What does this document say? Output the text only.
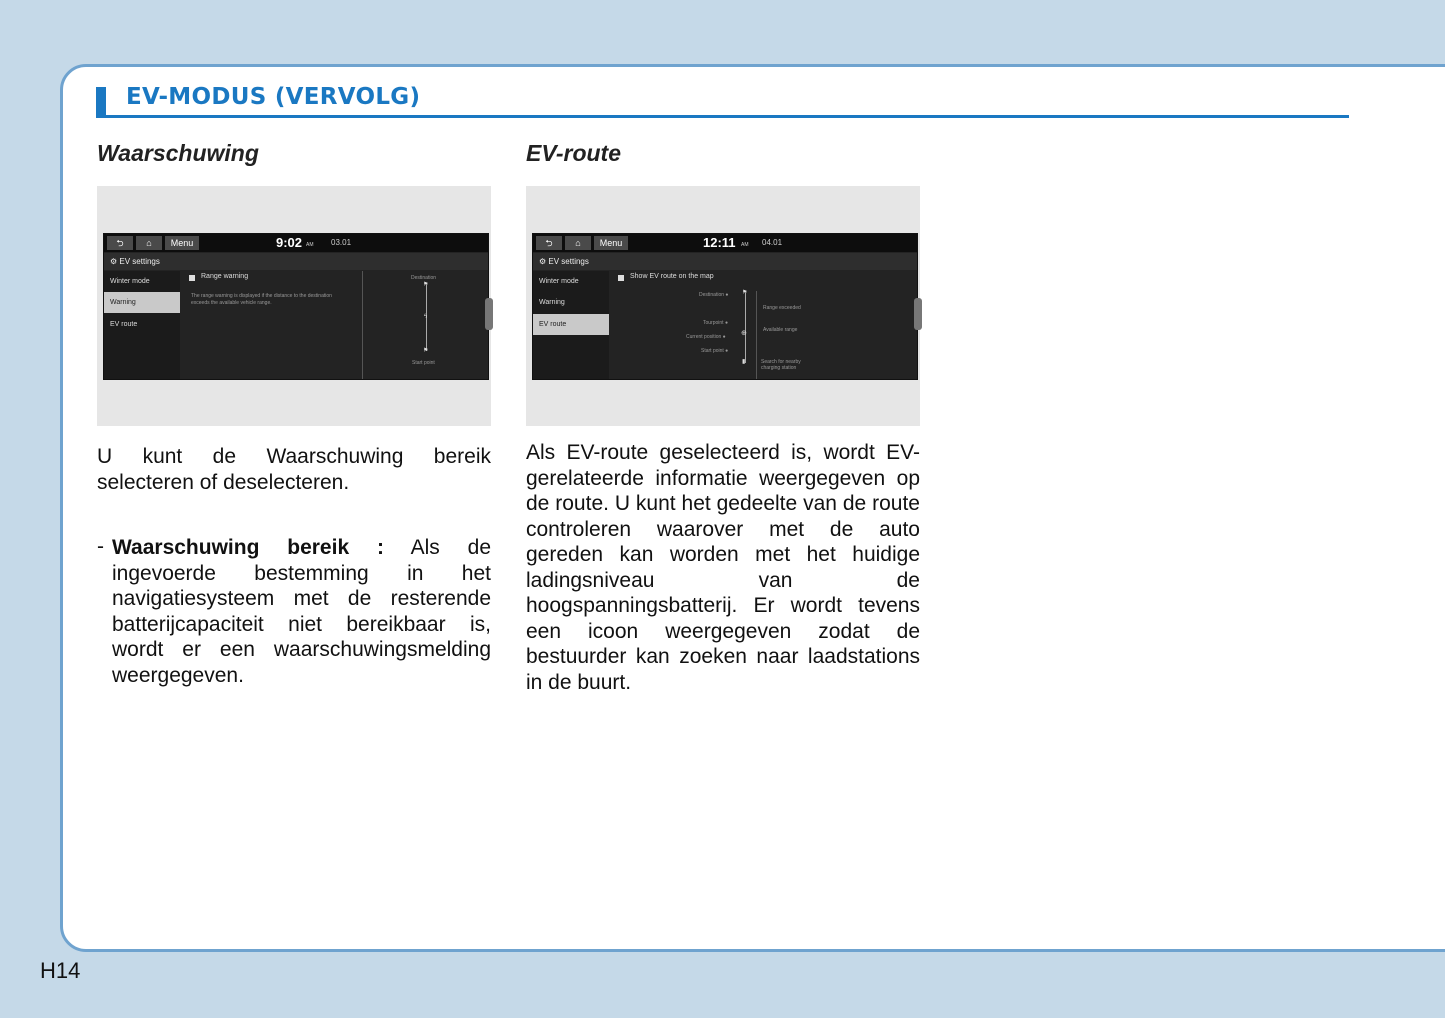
EV-MODUS (VERVOLG)
Waarschuwing
⮌	⌂	Menu	9:02 AM 03.01
⚙ EV settings
Winter mode
Warning
EV route
Range warning
The range warning is displayed if the distance to the destination exceeds the available vehicle range.
Destination
⚑
ϟ
⚑
Start point
U kunt de Waarschuwing bereik selecteren of deselecteren.
- Waarschuwing bereik : Als de ingevoerde bestemming in het navigatiesysteem met de resterende batterijcapaciteit niet bereikbaar is, wordt er een waarschuwingsmelding weergegeven.
EV-route
⮌	⌂	Menu	12:11 AM 04.01
⚙ EV settings
Winter mode
Warning
EV route
Show EV route on the map
Destination ●
Tourpoint ●
Current position ●
Start point ●
⚑
⊕
▮
Range exceeded
Available range
Search for nearby charging station
Als EV-route geselecteerd is, wordt EV-gerelateerde informatie weergegeven op de route. U kunt het gedeelte van de route controleren waarover met de auto gereden kan worden met het huidige ladingsniveau van de hoogspanningsbatterij. Er wordt tevens een icoon weergegeven zodat de bestuurder kan zoeken naar laadstations in de buurt.
H14
